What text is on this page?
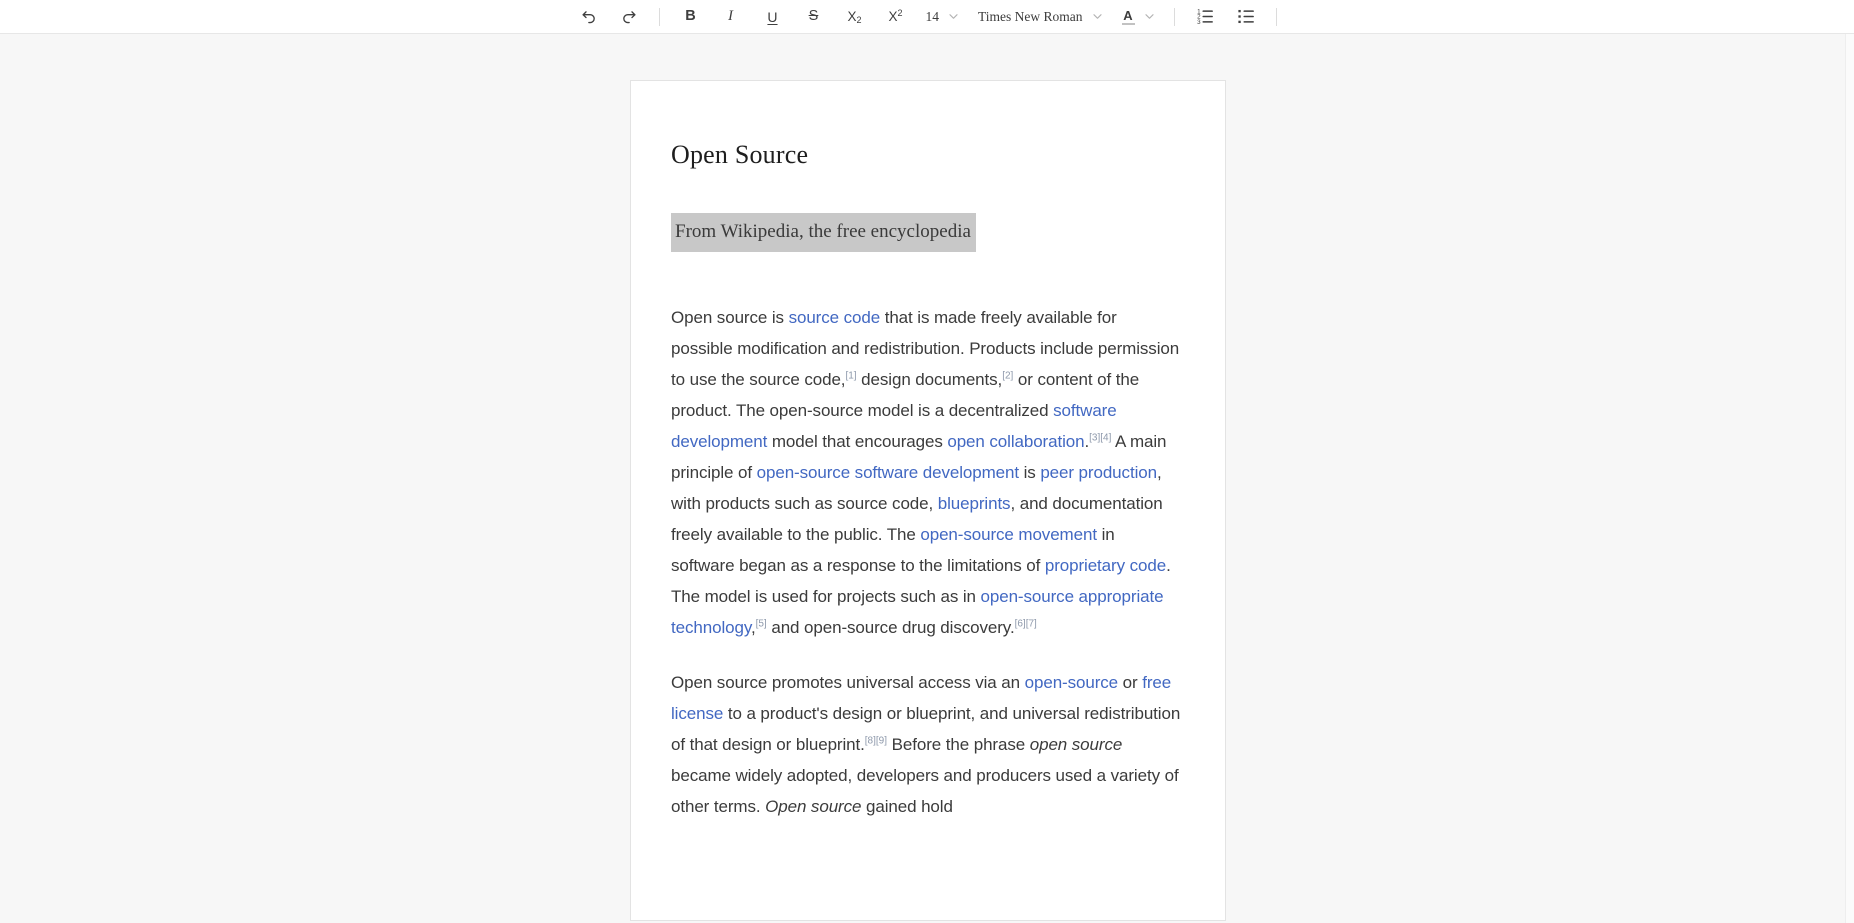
B I U S X 2 X 2 14	Times New Roman	A	1
2
3
Open Source
From Wikipedia, the free encyclopedia

Open source is source code that is made freely available for possible modification and redistribution. Products include permission to use the source code,[1] design documents,[2] or content of the product. The open-source model is a decentralized software development model that encourages open collaboration.[3][4] A main principle of open-source software development is peer production, with products such as source code, blueprints, and documentation freely available to the public. The open-source movement in software began as a response to the limitations of proprietary code. The model is used for projects such as in open-source appropriate technology,[5] and open-source drug discovery.[6][7]

Open source promotes universal access via an open-source or free license to a product's design or blueprint, and universal redistribution of that design or blueprint.[8][9] Before the phrase open source became widely adopted, developers and producers used a variety of other terms. Open source gained hold
